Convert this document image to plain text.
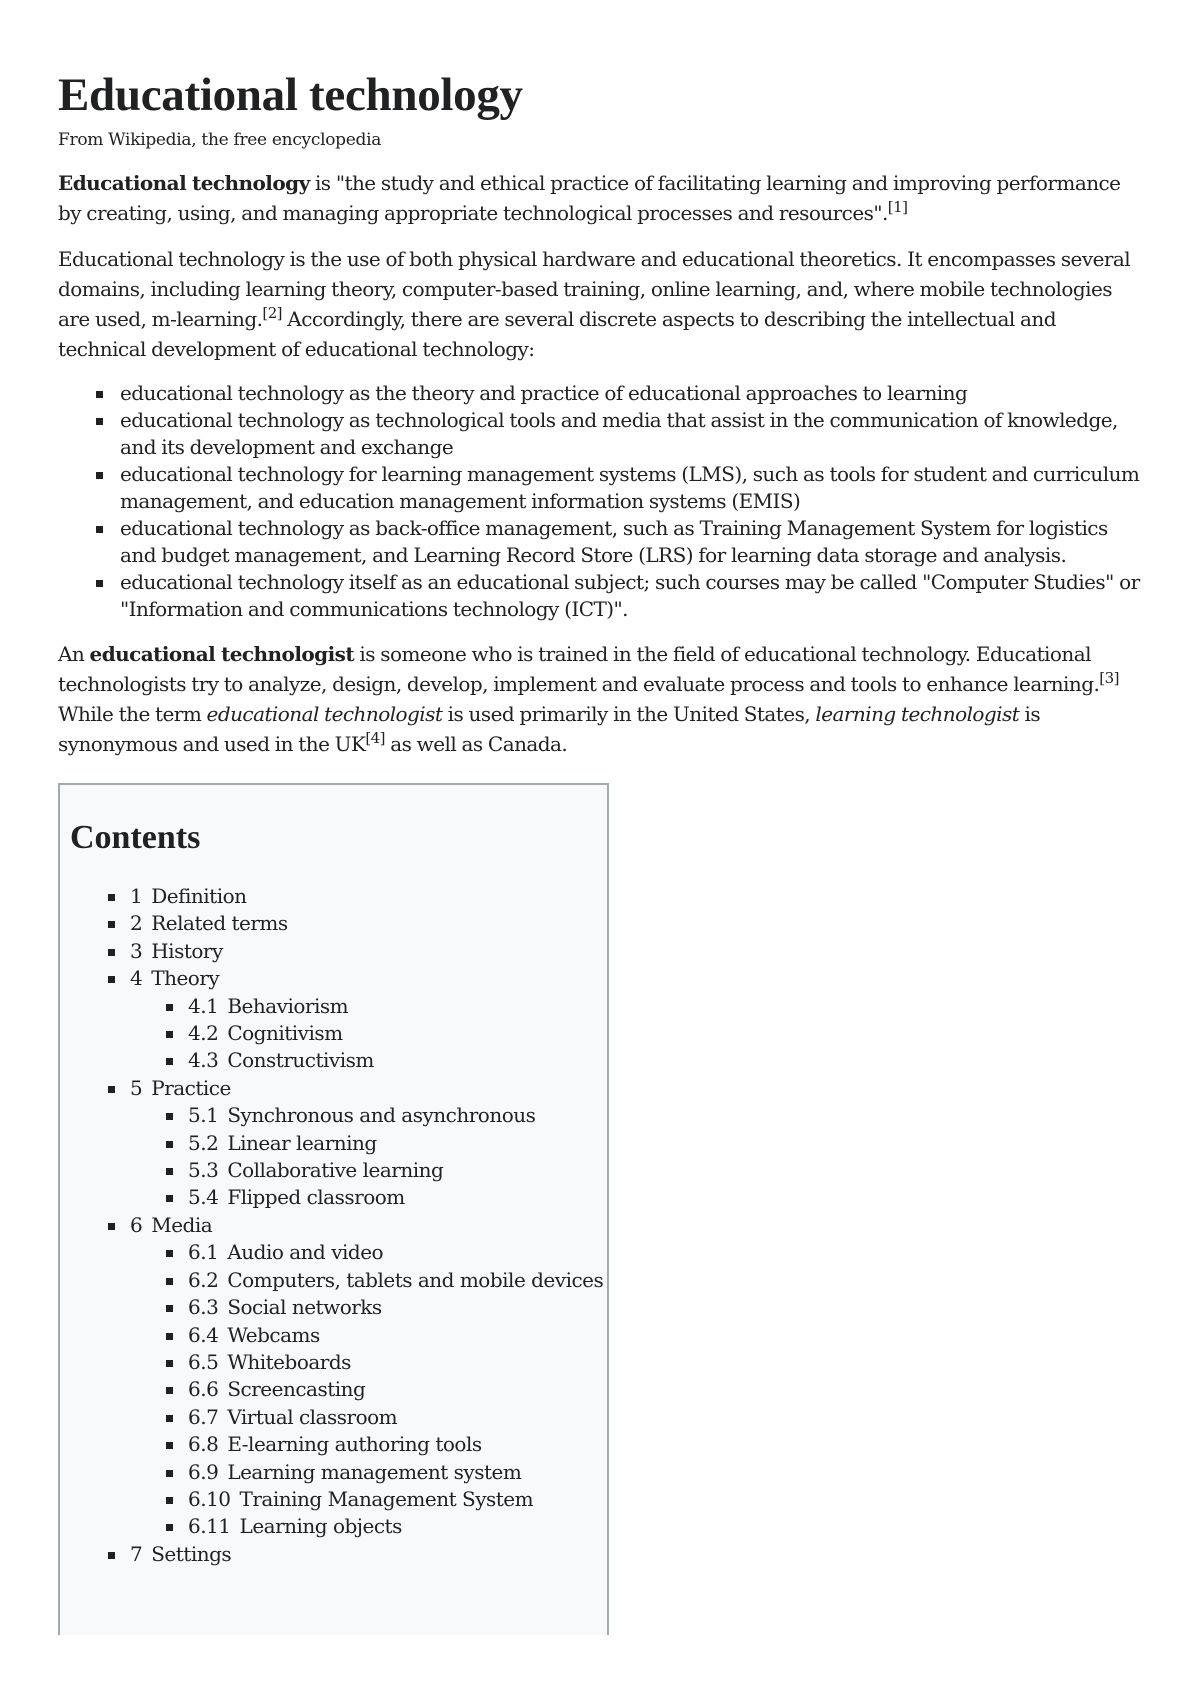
Educational technology
From Wikipedia, the free encyclopedia

Educational technology is "the study and ethical practice of facilitating learning and improving performance by creating, using, and managing appropriate technological processes and resources".[1]

Educational technology is the use of both physical hardware and educational theoretics. It encompasses several domains, including learning theory, computer-based training, online learning, and, where mobile technologies are used, m-learning.[2] Accordingly, there are several discrete aspects to describing the intellectual and technical development of educational technology:

educational technology as the theory and practice of educational approaches to learning
educational technology as technological tools and media that assist in the communication of knowledge, and its development and exchange
educational technology for learning management systems (LMS), such as tools for student and curriculum management, and education management information systems (EMIS)
educational technology as back-office management, such as Training Management System for logistics and budget management, and Learning Record Store (LRS) for learning data storage and analysis.
educational technology itself as an educational subject; such courses may be called "Computer Studies" or "Information and communications technology (ICT)".

An educational technologist is someone who is trained in the field of educational technology. Educational technologists try to analyze, design, develop, implement and evaluate process and tools to enhance learning.[3] While the term educational technologist is used primarily in the United States, learning technologist is synonymous and used in the UK[4] as well as Canada.

Contents
1 Definition
2 Related terms
3 History
4 Theory
4.1 Behaviorism
4.2 Cognitivism
4.3 Constructivism
5 Practice
5.1 Synchronous and asynchronous
5.2 Linear learning
5.3 Collaborative learning
5.4 Flipped classroom
6 Media
6.1 Audio and video
6.2 Computers, tablets and mobile devices
6.3 Social networks
6.4 Webcams
6.5 Whiteboards
6.6 Screencasting
6.7 Virtual classroom
6.8 E-learning authoring tools
6.9 Learning management system
6.10 Training Management System
6.11 Learning objects
7 Settings
